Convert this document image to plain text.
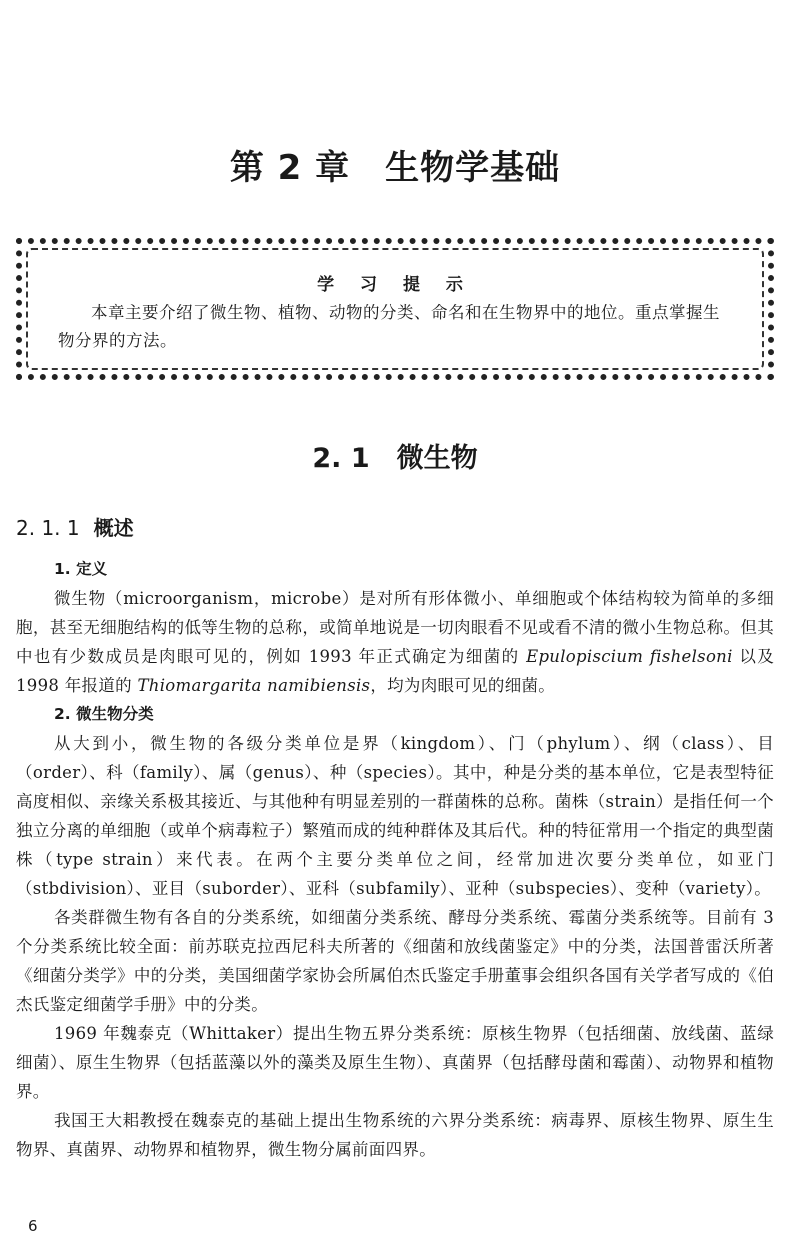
第 2 章　生物学基础
学 习 提 示

本章主要介绍了微生物、植物、动物的分类、命名和在生物界中的地位。重点掌握生物分界的方法。

2. 1　微生物
2. 1. 1 概述
1. 定义

微生物（microorganism，microbe）是对所有形体微小、单细胞或个体结构较为简单的多细胞，甚至无细胞结构的低等生物的总称，或简单地说是一切肉眼看不见或看不清的微小生物总称。但其中也有少数成员是肉眼可见的，例如 1993 年正式确定为细菌的 Epulopiscium fishelsoni 以及 1998 年报道的 Thiomargarita namibiensis，均为肉眼可见的细菌。

2. 微生物分类

从大到小，微生物的各级分类单位是界（kingdom）、门（phylum）、纲（class）、目（order）、科（family）、属（genus）、种（species）。其中，种是分类的基本单位，它是表型特征高度相似、亲缘关系极其接近、与其他种有明显差别的一群菌株的总称。菌株（strain）是指任何一个独立分离的单细胞（或单个病毒粒子）繁殖而成的纯种群体及其后代。种的特征常用一个指定的典型菌株（type strain）来代表。在两个主要分类单位之间，经常加进次要分类单位，如亚门（stbdivision）、亚目（suborder）、亚科（subfamily）、亚种（subspecies）、变种（variety）。

各类群微生物有各自的分类系统，如细菌分类系统、酵母分类系统、霉菌分类系统等。目前有 3 个分类系统比较全面：前苏联克拉西尼科夫所著的《细菌和放线菌鉴定》中的分类，法国普雷沃所著《细菌分类学》中的分类，美国细菌学家协会所属伯杰氏鉴定手册董事会组织各国有关学者写成的《伯杰氏鉴定细菌学手册》中的分类。

1969 年魏泰克（Whittaker）提出生物五界分类系统：原核生物界（包括细菌、放线菌、蓝绿细菌）、原生生物界（包括蓝藻以外的藻类及原生生物）、真菌界（包括酵母菌和霉菌）、动物界和植物界。

我国王大耜教授在魏泰克的基础上提出生物系统的六界分类系统：病毒界、原核生物界、原生生物界、真菌界、动物界和植物界，微生物分属前面四界。

6
